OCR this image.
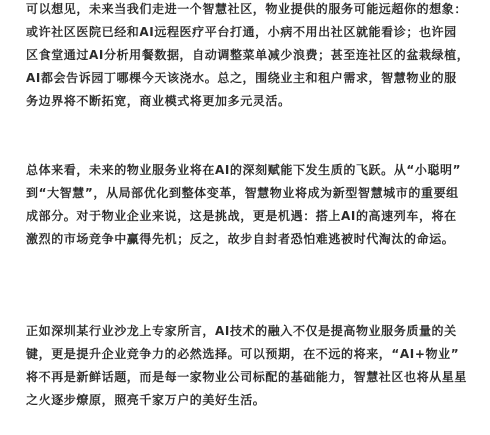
可以想见，未来当我们走进一个智慧社区，物业提供的服务可能远超你的想象：
或许社区医院已经和AI远程医疗平台打通，小病不用出社区就能看诊；也许园
区食堂通过AI分析用餐数据，自动调整菜单减少浪费；甚至连社区的盆栽绿植，
AI都会告诉园丁哪棵今天该浇水。总之，围绕业主和租户需求，智慧物业的服
务边界将不断拓宽，商业模式将更加多元灵活。
总体来看，未来的物业服务业将在AI的深刻赋能下发生质的飞跃。从“小聪明”
到“大智慧”，从局部优化到整体变革，智慧物业将成为新型智慧城市的重要组
成部分。对于物业企业来说，这是挑战，更是机遇：搭上AI的高速列车，将在
激烈的市场竞争中赢得先机；反之，故步自封者恐怕难逃被时代淘汰的命运。
正如深圳某行业沙龙上专家所言，AI技术的融入不仅是提高物业服务质量的关
键，更是提升企业竞争力的必然选择。可以预期，在不远的将来，“AI+物业”
将不再是新鲜话题，而是每一家物业公司标配的基础能力，智慧社区也将从星星
之火逐步燎原，照亮千家万户的美好生活。
